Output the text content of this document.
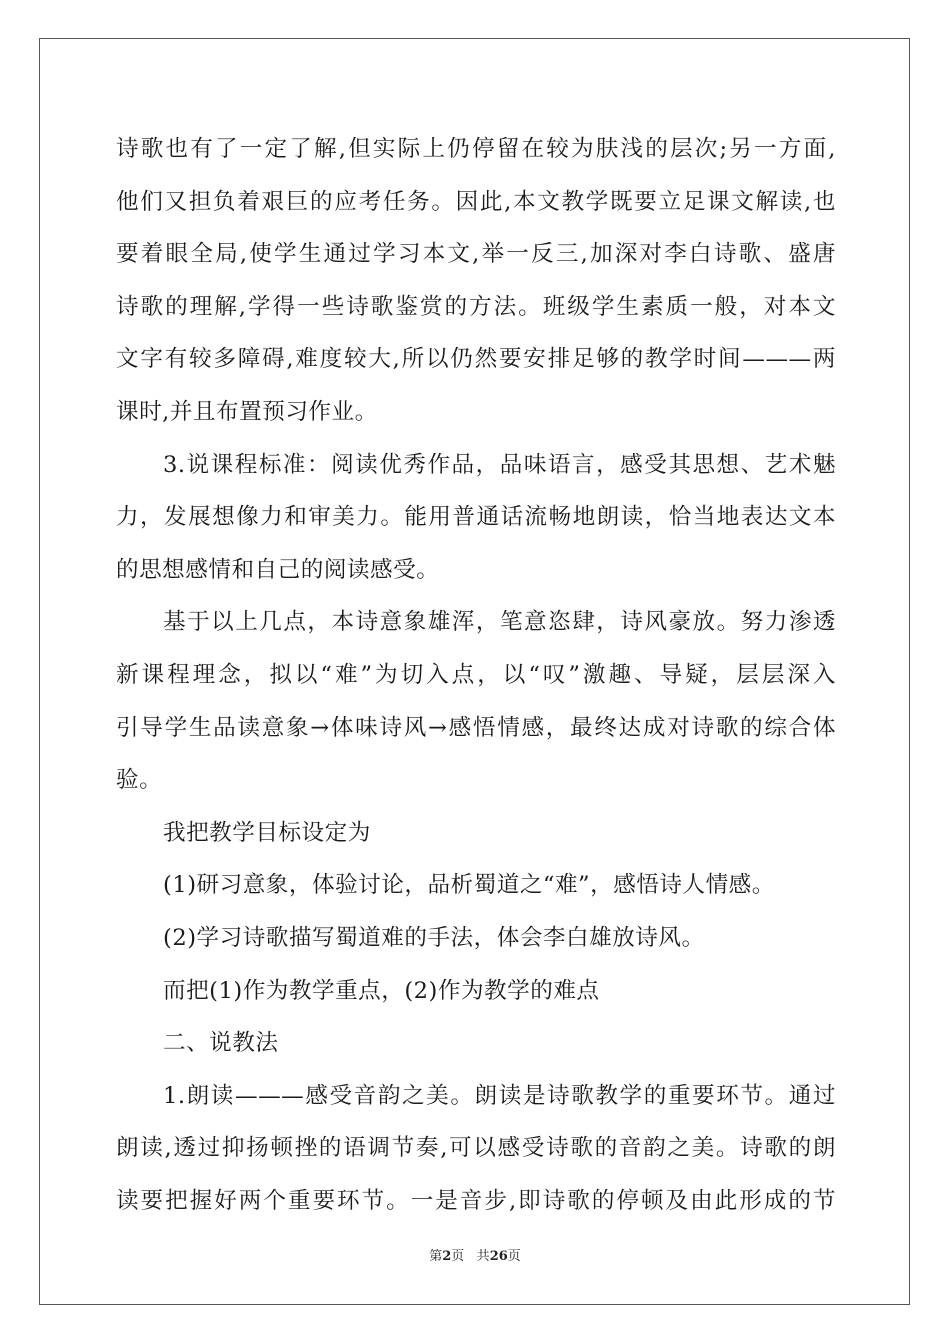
诗歌也有了一定了解,但实际上仍停留在较为肤浅的层次;另一方面,
他们又担负着艰巨的应考任务。因此,本文教学既要立足课文解读,也
要着眼全局,使学生通过学习本文,举一反三,加深对李白诗歌、盛唐
诗歌的理解,学得一些诗歌鉴赏的方法。班级学生素质一般，对本文
文字有较多障碍,难度较大,所以仍然要安排足够的教学时间———两
课时,并且布置预习作业。
3.说课程标准：阅读优秀作品，品味语言，感受其思想、艺术魅
力，发展想像力和审美力。能用普通话流畅地朗读，恰当地表达文本
的思想感情和自己的阅读感受。
基于以上几点，本诗意象雄浑，笔意恣肆，诗风豪放。努力渗透
新课程理念，拟以“难”为切入点，以“叹”激趣、导疑，层层深入
引导学生品读意象→体味诗风→感悟情感，最终达成对诗歌的综合体
验。
我把教学目标设定为
(1)研习意象，体验讨论，品析蜀道之“难”，感悟诗人情感。
(2)学习诗歌描写蜀道难的手法，体会李白雄放诗风。
而把(1)作为教学重点，(2)作为教学的难点
二、说教法
1.朗读———感受音韵之美。朗读是诗歌教学的重要环节。通过
朗读,透过抑扬顿挫的语调节奏,可以感受诗歌的音韵之美。诗歌的朗
读要把握好两个重要环节。一是音步,即诗歌的停顿及由此形成的节
第2页 共26页
